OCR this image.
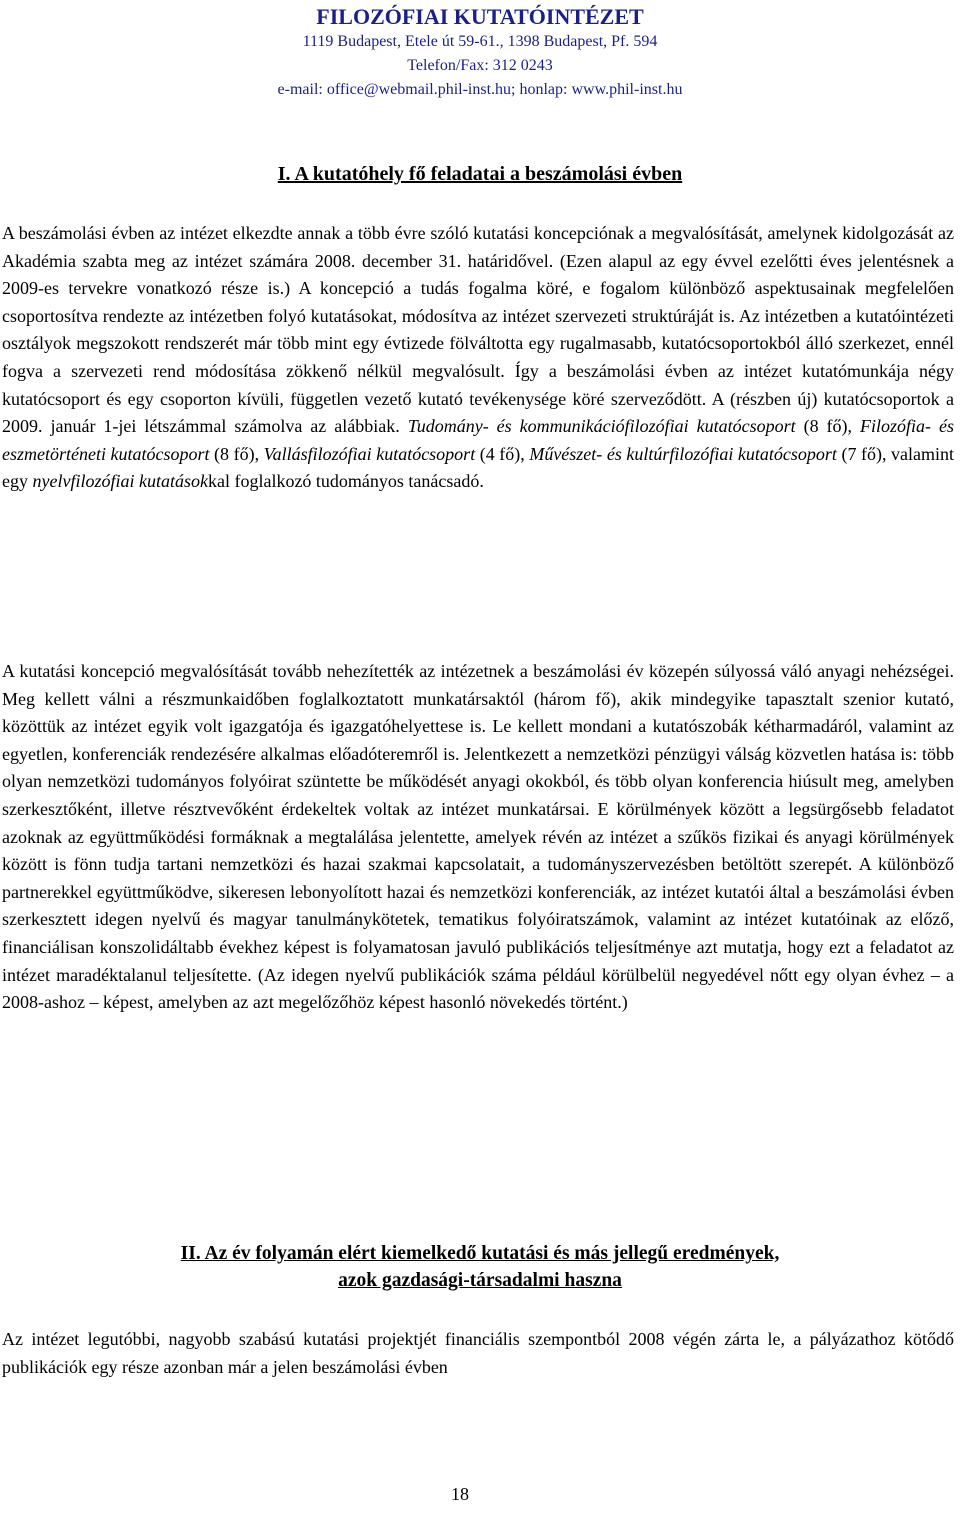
FILOZÓFIAI KUTATÓINTÉZET
1119 Budapest, Etele út 59-61., 1398 Budapest, Pf. 594
Telefon/Fax: 312 0243
e-mail: office@webmail.phil-inst.hu; honlap: www.phil-inst.hu
I. A kutatóhely fő feladatai a beszámolási évben

A beszámolási évben az intézet elkezdte annak a több évre szóló kutatási koncepciónak a megvalósítását, amelynek kidolgozását az Akadémia szabta meg az intézet számára 2008. december 31. határidővel. (Ezen alapul az egy évvel ezelőtti éves jelentésnek a 2009-es tervekre vonatkozó része is.) A koncepció a tudás fogalma köré, e fogalom különböző aspektusainak megfelelően csoportosítva rendezte az intézetben folyó kutatásokat, módosítva az intézet szervezeti struktúráját is. Az intézetben a kutatóintézeti osztályok megszokott rendszerét már több mint egy évtizede fölváltotta egy rugalmasabb, kutatócsoportokból álló szerkezet, ennél fogva a szervezeti rend módosítása zökkenő nélkül megvalósult. Így a beszámolási évben az intézet kutatómunkája négy kutatócsoport és egy csoporton kívüli, független vezető kutató tevékenysége köré szerveződött. A (részben új) kutatócsoportok a 2009. január 1-jei létszámmal számolva az alábbiak. Tudomány- és kommunikációfilozófiai kutatócsoport (8 fő), Filozófia- és eszmetörténeti kutatócsoport (8 fő), Vallásfilozófiai kutatócsoport (4 fő), Művészet- és kultúrfilozófiai kutatócsoport (7 fő), valamint egy nyelvfilozófiai kutatásokkal foglalkozó tudományos tanácsadó.

A kutatási koncepció megvalósítását tovább nehezítették az intézetnek a beszámolási év közepén súlyossá váló anyagi nehézségei. Meg kellett válni a részmunkaidőben foglalkoztatott munkatársaktól (három fő), akik mindegyike tapasztalt szenior kutató, közöttük az intézet egyik volt igazgatója és igazgatóhelyettese is. Le kellett mondani a kutatószobák kétharmadáról, valamint az egyetlen, konferenciák rendezésére alkalmas előadóteremről is. Jelentkezett a nemzetközi pénzügyi válság közvetlen hatása is: több olyan nemzetközi tudományos folyóirat szüntette be működését anyagi okokból, és több olyan konferencia hiúsult meg, amelyben szerkesztőként, illetve résztvevőként érdekeltek voltak az intézet munkatársai. E körülmények között a legsürgősebb feladatot azoknak az együttműködési formáknak a megtalálása jelentette, amelyek révén az intézet a szűkös fizikai és anyagi körülmények között is fönn tudja tartani nemzetközi és hazai szakmai kapcsolatait, a tudományszervezésben betöltött szerepét. A különböző partnerekkel együttműködve, sikeresen lebonyolított hazai és nemzetközi konferenciák, az intézet kutatói által a beszámolási évben szerkesztett idegen nyelvű és magyar tanulmánykötetek, tematikus folyóiratszámok, valamint az intézet kutatóinak az előző, financiálisan konszolidáltabb évekhez képest is folyamatosan javuló publikációs teljesítménye azt mutatja, hogy ezt a feladatot az intézet maradéktalanul teljesítette. (Az idegen nyelvű publikációk száma például körülbelül negyedével nőtt egy olyan évhez – a 2008-ashoz – képest, amelyben az azt megelőzőhöz képest hasonló növekedés történt.)

II. Az év folyamán elért kiemelkedő kutatási és más jellegű eredmények,
azok gazdasági-társadalmi haszna

Az intézet legutóbbi, nagyobb szabású kutatási projektjét financiális szempontból 2008 végén zárta le, a pályázathoz kötődő publikációk egy része azonban már a jelen beszámolási évben

18
